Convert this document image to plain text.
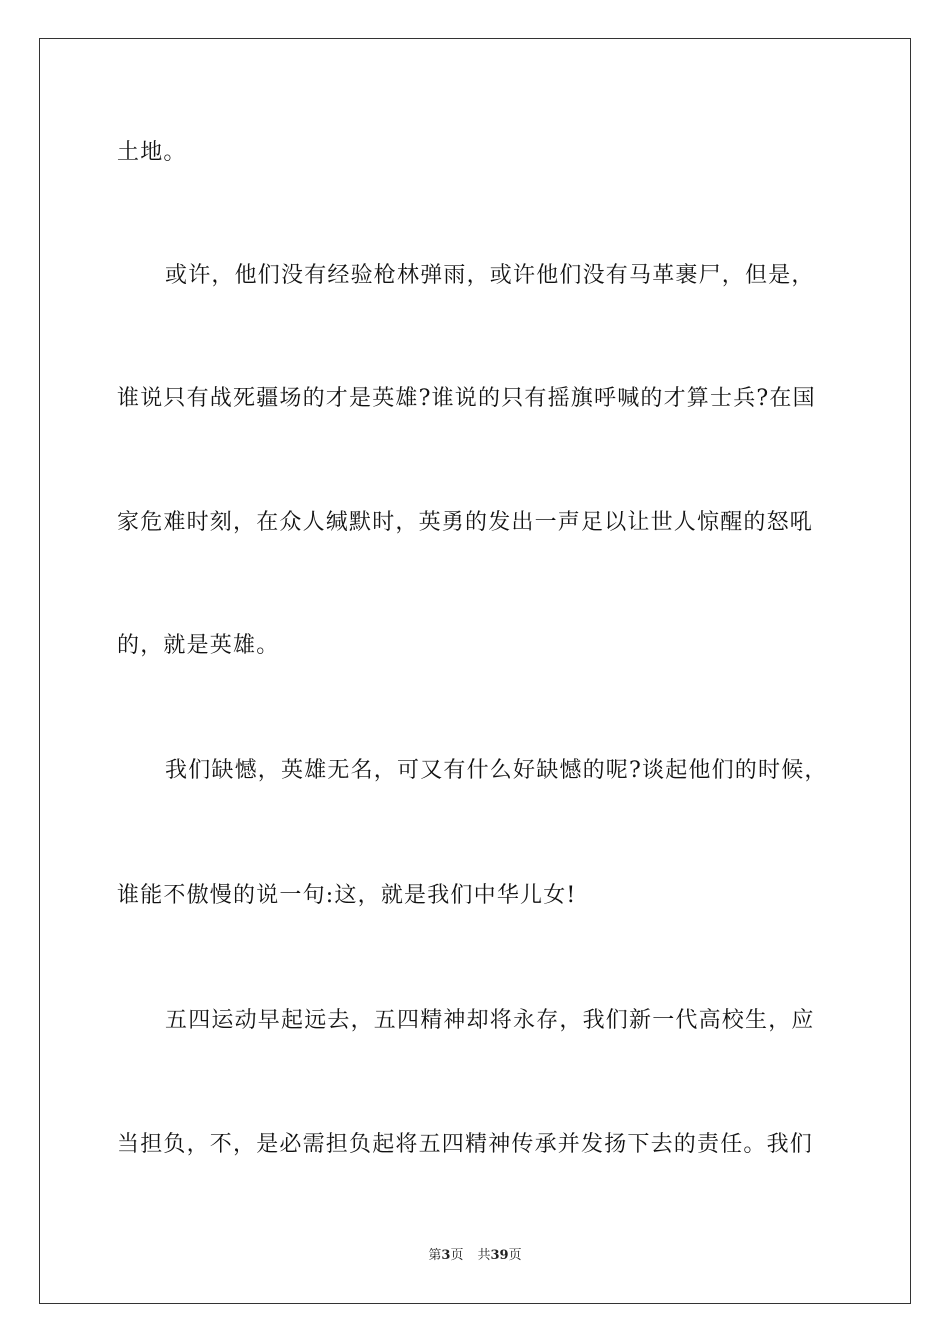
土地。
或许，他们没有经验枪林弹雨，或许他们没有马革裹尸，但是，
谁说只有战死疆场的才是英雄?谁说的只有摇旗呼喊的才算士兵?在国
家危难时刻，在众人缄默时，英勇的发出一声足以让世人惊醒的怒吼
的，就是英雄。
我们缺憾，英雄无名，可又有什么好缺憾的呢?谈起他们的时候，
谁能不傲慢的说一句:这，就是我们中华儿女!
五四运动早起远去，五四精神却将永存，我们新一代高校生，应
当担负，不，是必需担负起将五四精神传承并发扬下去的责任。我们
第3页 共39页
